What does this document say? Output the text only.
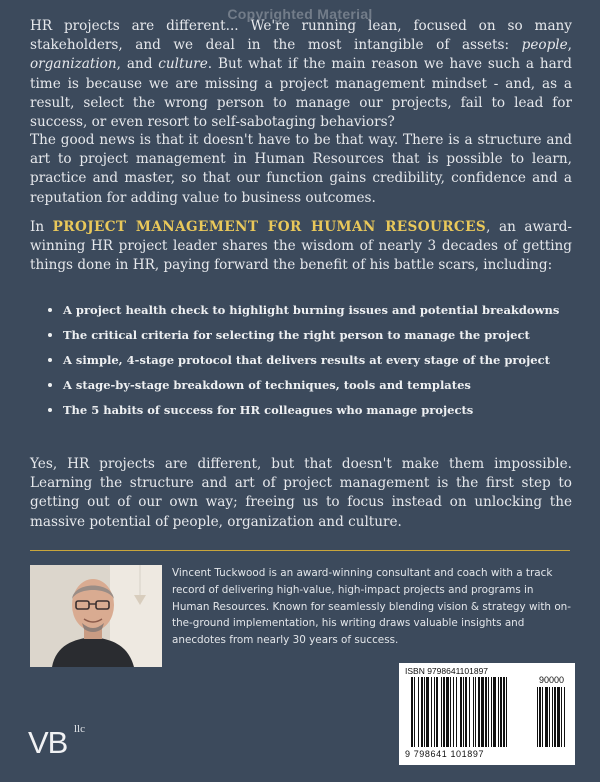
Copyrighted Material

HR projects are different... We're running lean, focused on so many stakeholders, and we deal in the most intangible of assets: people, organization, and culture. But what if the main reason we have such a hard time is because we are missing a project management mindset - and, as a result, select the wrong person to manage our projects, fail to lead for success, or even resort to self-sabotaging behaviors?

The good news is that it doesn't have to be that way. There is a structure and art to project management in Human Resources that is possible to learn, practice and master, so that our function gains credibility, confidence and a reputation for adding value to business outcomes.

In PROJECT MANAGEMENT FOR HUMAN RESOURCES, an award-winning HR project leader shares the wisdom of nearly 3 decades of getting things done in HR, paying forward the benefit of his battle scars, including:

A project health check to highlight burning issues and potential breakdowns
The critical criteria for selecting the right person to manage the project
A simple, 4-stage protocol that delivers results at every stage of the project
A stage-by-stage breakdown of techniques, tools and templates
The 5 habits of success for HR colleagues who manage projects

Yes, HR projects are different, but that doesn't make them impossible. Learning the structure and art of project management is the first step to getting out of our own way; freeing us to focus instead on unlocking the massive potential of people, organization and culture.

Vincent Tuckwood is an award-winning consultant and coach with a track record of delivering high-value, high-impact projects and programs in Human Resources. Known for seamlessly blending vision & strategy with on-the-ground implementation, his writing draws valuable insights and anecdotes from nearly 30 years of success.

VB llc
ISBN 9798641101897
90000
9 798641 101897
